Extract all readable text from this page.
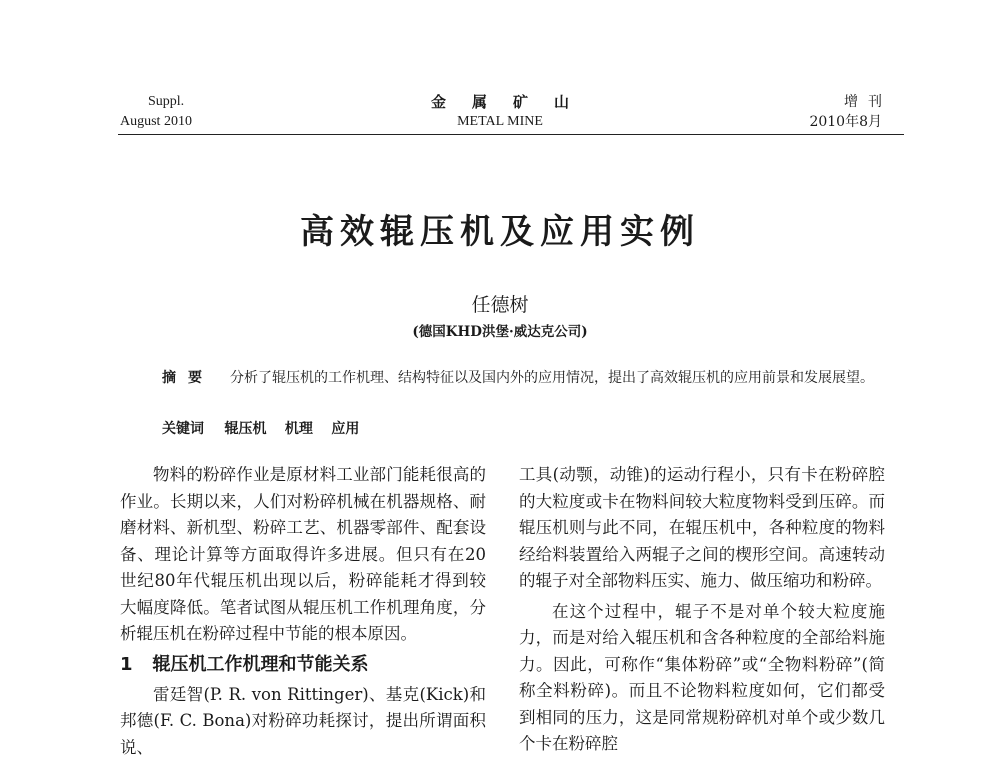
Suppl.
August 2010
金属矿山
METAL MINE
增刊
2010年8月
高效辊压机及应用实例
任德树
(德国KHD洪堡·威达克公司)
摘要 分析了辊压机的工作机理、结构特征以及国内外的应用情况，提出了高效辊压机的应用前景和发展展望。
关键词 辊压机 机理 应用

物料的粉碎作业是原材料工业部门能耗很高的作业。长期以来，人们对粉碎机械在机器规格、耐磨材料、新机型、粉碎工艺、机器零部件、配套设备、理论计算等方面取得许多进展。但只有在20世纪80年代辊压机出现以后，粉碎能耗才得到较大幅度降低。笔者试图从辊压机工作机理角度，分析辊压机在粉碎过程中节能的根本原因。

1 辊压机工作机理和节能关系

雷廷智(P. R. von Rittinger)、基克(Kick)和邦德(F. C. Bona)对粉碎功耗探讨，提出所谓面积说、

工具(动颚，动锥)的运动行程小，只有卡在粉碎腔的大粒度或卡在物料间较大粒度物料受到压碎。而辊压机则与此不同，在辊压机中，各种粒度的物料经给料装置给入两辊子之间的楔形空间。高速转动的辊子对全部物料压实、施力、做压缩功和粉碎。

在这个过程中，辊子不是对单个较大粒度施力，而是对给入辊压机和含各种粒度的全部给料施力。因此，可称作“集体粉碎”或“全物料粉碎”(简称全料粉碎)。而且不论物料粒度如何，它们都受到相同的压力，这是同常规粉碎机对单个或少数几个卡在粉碎腔
